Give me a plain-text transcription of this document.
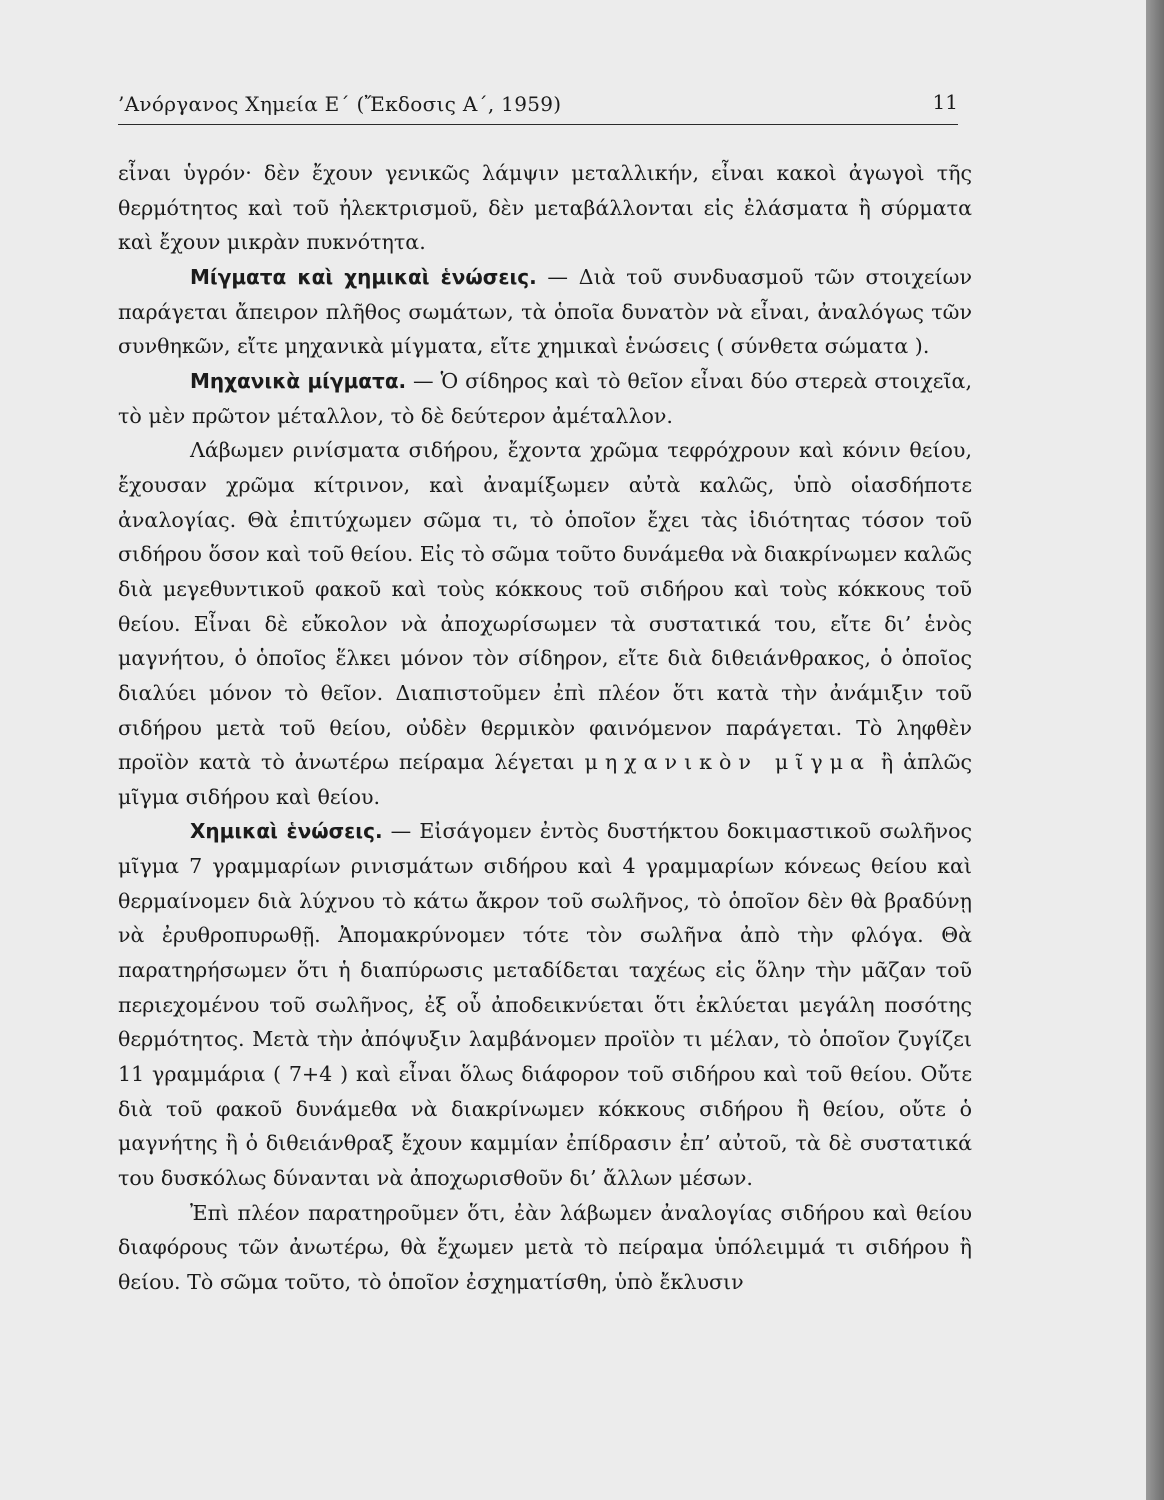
’Ανόργανος Χημεία Ε΄ (Ἔκδοσις Α΄, 1959)	11

εἶναι ὑγρόν· δὲν ἔχουν γενικῶς λάμψιν μεταλλικήν, εἶναι κακοὶ ἀγωγοὶ τῆς θερμότητος καὶ τοῦ ἠλεκτρισμοῦ, δὲν μεταβάλλονται εἰς ἐλάσματα ἢ σύρματα καὶ ἔχουν μικρὰν πυκνότητα.

Μίγματα καὶ χημικαὶ ἑνώσεις. — Διὰ τοῦ συνδυασμοῦ τῶν στοιχείων παράγεται ἄπειρον πλῆθος σωμάτων, τὰ ὁποῖα δυνατὸν νὰ εἶναι, ἀναλόγως τῶν συνθηκῶν, εἴτε μηχανικὰ μίγματα, εἴτε χημικαὶ ἑνώσεις ( σύνθετα σώματα ).

Μηχανικὰ μίγματα. — Ὁ σίδηρος καὶ τὸ θεῖον εἶναι δύο στερεὰ στοιχεῖα, τὸ μὲν πρῶτον μέταλλον, τὸ δὲ δεύτερον ἀμέταλλον.

Λάβωμεν ρινίσματα σιδήρου, ἔχοντα χρῶμα τεφρόχρουν καὶ κόνιν θείου, ἔχουσαν χρῶμα κίτρινον, καὶ ἀναμίξωμεν αὐτὰ καλῶς, ὑπὸ οἱασδήποτε ἀναλογίας. Θὰ ἐπιτύχωμεν σῶμα τι, τὸ ὁποῖον ἔχει τὰς ἰδιότητας τόσον τοῦ σιδήρου ὅσον καὶ τοῦ θείου. Εἰς τὸ σῶμα τοῦτο δυνάμεθα νὰ διακρίνωμεν καλῶς διὰ μεγεθυντικοῦ φακοῦ καὶ τοὺς κόκκους τοῦ σιδήρου καὶ τοὺς κόκκους τοῦ θείου. Εἶναι δὲ εὔκολον νὰ ἀποχωρίσωμεν τὰ συστατικά του, εἴτε δι’ ἑνὸς μαγνήτου, ὁ ὁποῖος ἕλκει μόνον τὸν σίδηρον, εἴτε διὰ διθειάνθρακος, ὁ ὁποῖος διαλύει μόνον τὸ θεῖον. Διαπιστοῦμεν ἐπὶ πλέον ὅτι κατὰ τὴν ἀνάμιξιν τοῦ σιδήρου μετὰ τοῦ θείου, οὐδὲν θερμικὸν φαινόμενον παράγεται. Τὸ ληφθὲν προϊὸν κατὰ τὸ ἀνωτέρω πείραμα λέγεται μηχανικὸν μῖγμα ἢ ἁπλῶς μῖγμα σιδήρου καὶ θείου.

Χημικαὶ ἑνώσεις. — Εἰσάγομεν ἐντὸς δυστήκτου δοκιμαστικοῦ σωλῆνος μῖγμα 7 γραμμαρίων ρινισμάτων σιδήρου καὶ 4 γραμμαρίων κόνεως θείου καὶ θερμαίνομεν διὰ λύχνου τὸ κάτω ἄκρον τοῦ σωλῆνος, τὸ ὁποῖον δὲν θὰ βραδύνῃ νὰ ἐρυθροπυρωθῇ. Ἀπομακρύνομεν τότε τὸν σωλῆνα ἀπὸ τὴν φλόγα. Θὰ παρατηρήσωμεν ὅτι ἡ διαπύρωσις μεταδίδεται ταχέως εἰς ὅλην τὴν μᾶζαν τοῦ περιεχομένου τοῦ σωλῆνος, ἐξ οὗ ἀποδεικνύεται ὅτι ἐκλύεται μεγάλη ποσότης θερμότητος. Μετὰ τὴν ἀπόψυξιν λαμβάνομεν προϊὸν τι μέλαν, τὸ ὁποῖον ζυγίζει 11 γραμμάρια ( 7+4 ) καὶ εἶναι ὅλως διάφορον τοῦ σιδήρου καὶ τοῦ θείου. Οὔτε διὰ τοῦ φακοῦ δυνάμεθα νὰ διακρίνωμεν κόκκους σιδήρου ἢ θείου, οὔτε ὁ μαγνήτης ἢ ὁ διθειάνθραξ ἔχουν καμμίαν ἐπίδρασιν ἐπ’ αὐτοῦ, τὰ δὲ συστατικά του δυσκόλως δύνανται νὰ ἀποχωρισθοῦν δι’ ἄλλων μέσων.

Ἐπὶ πλέον παρατηροῦμεν ὅτι, ἐὰν λάβωμεν ἀναλογίας σιδήρου καὶ θείου διαφόρους τῶν ἀνωτέρω, θὰ ἔχωμεν μετὰ τὸ πείραμα ὑπόλειμμά τι σιδήρου ἢ θείου. Τὸ σῶμα τοῦτο, τὸ ὁποῖον ἐσχηματίσθη, ὑπὸ ἔκλυσιν
